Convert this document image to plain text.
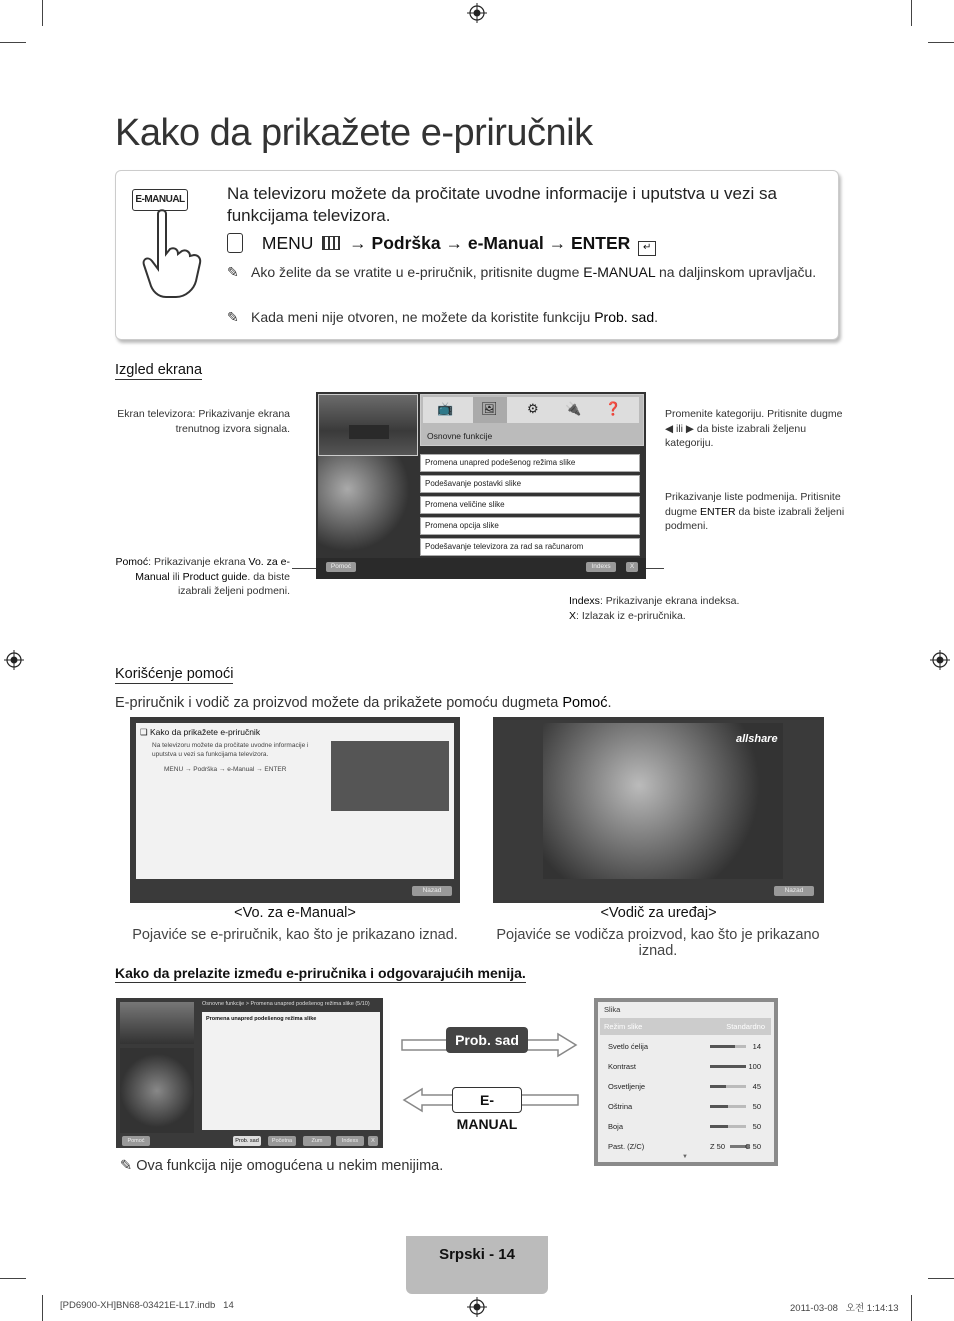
Kako da prikažete e-priručnik
E-MANUAL Na televizoru možete da pročitate uvodne informacije i uputstva u vezi sa funkcijama televizora.
MENU → Podrška → e-Manual → ENTER ↵
✎ Ako želite da se vratite u e-priručnik, pritisnite dugme E-MANUAL na daljinskom upravljaču.
✎ Kada meni nije otvoren, ne možete da koristite funkciju Prob. sad.
Izgled ekrana
Ekran televizora: Prikazivanje ekrana trenutnog izvora signala.
Pomoć: Prikazivanje ekrana Vo. za e-Manual ili Product guide. da biste izabrali željeni podmeni.
📺 🖼 ⚙ 🔌 ❓
Osnovne funkcije
Promena unapred podešenog režima slike
Podešavanje postavki slike
Promena veličine slike
Promena opcija slike
Podešavanje televizora za rad sa računarom
Pomoć	Indexs	X
Promenite kategoriju. Pritisnite dugme ◀ ili ▶ da biste izabrali željenu kategoriju.
Prikazivanje liste podmenija. Pritisnite dugme ENTER da biste izabrali željeni podmeni.
Indexs: Prikazivanje ekrana indeksa.
X: Izlazak iz e-priručnika.
Korišćenje pomoći
E-priručnik i vodič za proizvod možete da prikažete pomoću dugmeta Pomoć.
❑ Kako da prikažete e-priručnik
Na televizoru možete da pročitate uvodne informacije i uputstva u vezi sa funkcijama televizora.
MENU → Podrška → e-Manual → ENTER
Nazad
allshare
Nazad
<Vo. za e-Manual>
Pojaviće se e-priručnik, kao što je prikazano iznad.
<Vodič za uređaj>
Pojaviće se vodičza proizvod, kao što je prikazano iznad.
Kako da prelazite između e-priručnika i odgovarajućih menija.
Osnovne funkcije > Promena unapred podešenog režima slike (5/10)
Promena unapred podešenog režima slike
Pomoć	Prob. sad	Početna	Zum	Indexs	X
Prob. sad
E-MANUAL
Slika
Režim slike	Standardno
Svetlo ćelija	14
Kontrast	100
Osvetljenje	45
Oštrina	50
Boja	50
Past. (Z/C)	Z 50	C 50
▼
✎ Ova funkcija nije omogućena u nekim menijima.
Srpski - 14
[PD6900-XH]BN68-03421E-L17.indb   14	2011-03-08   오전 1:14:13
